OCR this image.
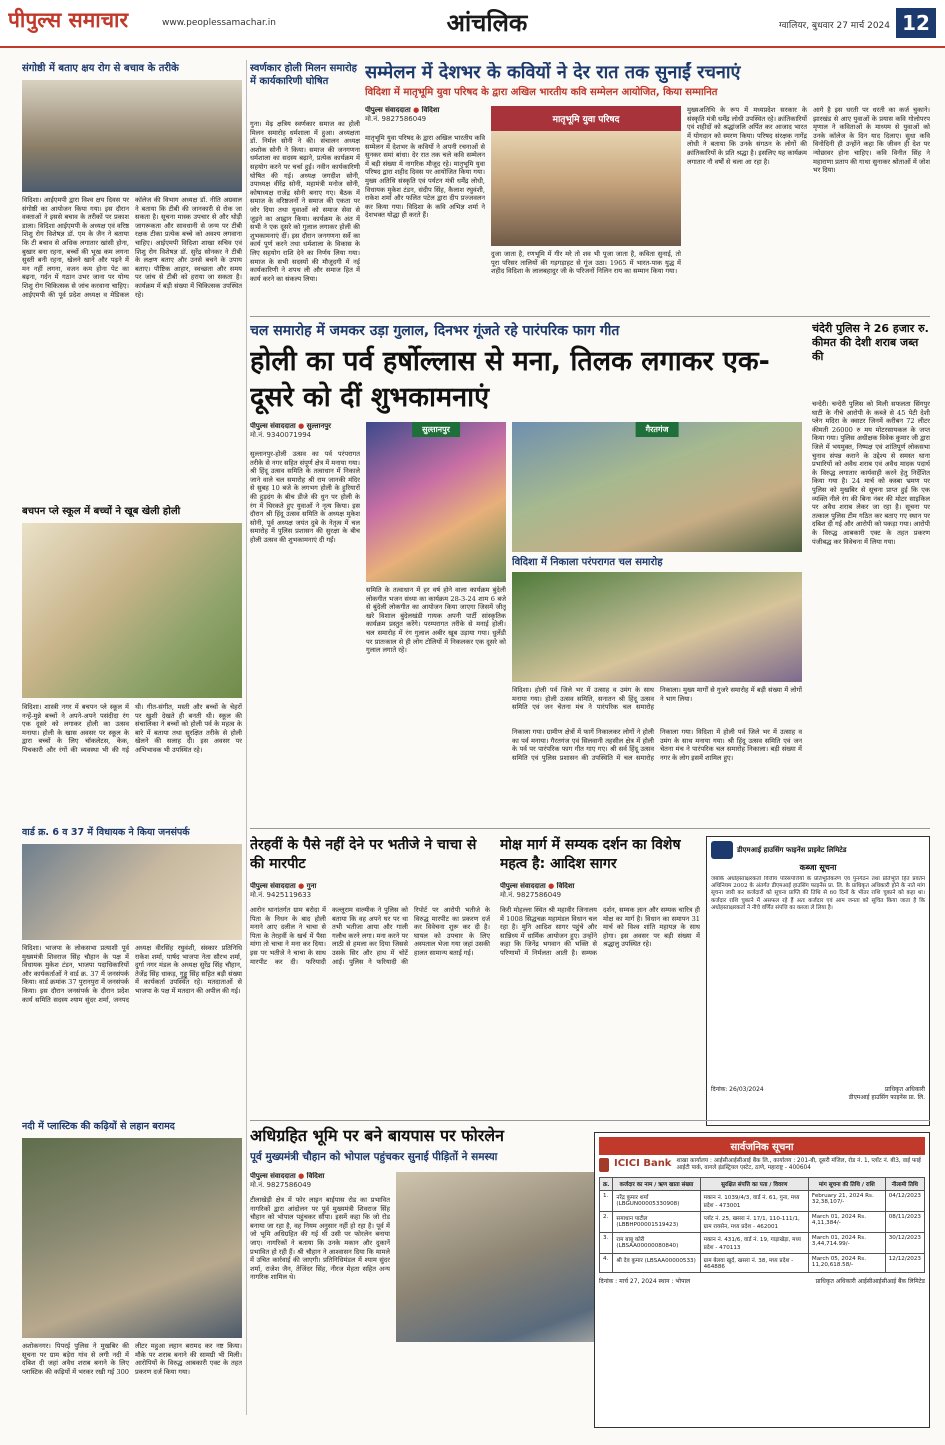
पीपुल्स समाचार	www.peoplessamachar.in	आंचलिक	ग्वालियर, बुधवार 27 मार्च 2024 12
संगोष्ठी में बताए क्षय रोग से बचाव के तरीके
विदिशा। आईएमपी द्वारा विश्व क्षय दिवस पर संगोष्ठी का आयोजन किया गया। इस दौरान वक्ताओं ने इससे बचाव के तरीकों पर प्रकाश डाला। विदिशा आईएमपी के अध्यक्ष एवं वरिष्ठ शिशु रोग विशेषज्ञ डॉ. एम के जैन ने बताया कि टी बचाव से अधिक लगातार खांसी होना, बुखार बना रहना, बच्चों की भूख कम लगना सुस्ती बनी रहना, खेलने खाने और पढ़ने में मन नहीं लगना, वजन कम होना पेट का बढ़ना, गर्दन में गठान उभर जाना पर योग्य शिशु रोग चिकित्सक से जांच करवाना चाहिए। आईएमपी की पूर्व प्रदेश अध्यक्ष व मेडिकल कॉलेज की विभाग अध्यक्ष डॉ. नीति अग्रवाल ने बताया कि टीबी की जानकारी से रोक जा सकता है। सूचना मास्क उपचार से और थोड़ी जागरूकता और सावधानी से जन्म पर टीबी रक्षक टीका प्रत्येक बच्चे को अवश्य लगवाना चाहिए। आईएमपी विदिशा शाखा सचिव एवं शिशु रोग विशेषज्ञ डॉ. सुरेंद्र सोनकर ने टीबी के लक्षण बताए और उनसे बचने के उपाय बताए। पौष्टिक आहार, स्वच्छता और समय पर जांच से टीबी को हराया जा सकता है। कार्यक्रम में बड़ी संख्या में चिकित्सक उपस्थित रहे।
बचपन प्ले स्कूल में बच्चों ने खूब खेली होली
विदिशा। शास्त्री नगर में बचपन प्ले स्कूल में नन्हें-मुन्ने बच्चों ने अपने-अपने पसंदीदा रंग एक दूसरे को लगाकर होली का उत्सव मनाया। होली के खास अवसर पर स्कूल के द्वारा बच्चों के लिए चॉकलेटस, केक, पिचकारी और रंगों की व्यवस्था भी की गई थी। गीत-संगीत, मस्ती और बच्चों के चेहरों पर खुशी देखते ही बनती थी। स्कूल की संचालिका ने बच्चों को होली पर्व के महत्व के बारे में बताया तथा सुरक्षित तरीके से होली खेलने की सलाह दी। इस अवसर पर अभिभावक भी उपस्थित रहे।
वार्ड क्र. 6 व 37 में विधायक ने किया जनसंपर्क
विदिशा। भाजपा के लोकसभा प्रत्याशी पूर्व मुख्यमंत्री शिवराज सिंह चौहान के पक्ष में विधायक मुकेश टंडन, भाजपा पदाधिकारियों और कार्यकर्ताओं ने वार्ड क्र. 37 में जनसंपर्क किया। वार्ड क्रमांक 37 पुरानपुरा में जनसंपर्क किया। इस दौरान जनसंपर्क के दौरान प्रदेश कार्य समिति सदस्य श्याम सुंदर शर्मा, जनपद अध्यक्ष वीरसिंह रघुवंशी, संस्कार प्रतिनिधि राकेश शर्मा, पार्षद भाजपा नेता सौरभ शर्मा, दुर्गा नगर मंडल के अध्यक्ष सुरेंद्र सिंह चौहान, तेजेंद्र सिंह धाकड़, गुड्डू सिंह सहित बड़ी संख्या में कार्यकर्ता उपस्थित रहे। मतदाताओं से भाजपा के पक्ष में मतदान की अपील की गई।
नदी में प्लास्टिक की कढ़ियों से लहान बरामद
अशोकनगर। पिपरई पुलिस ने मुखबिर की सूचना पर ग्राम बड़ेरा गांव से लगी नदी में दबिश दी जहां अवैध शराब बनाने के लिए प्लास्टिक की कढ़ियों में भरकर रखी गई 300 लीटर महुआ लहान बरामद कर नष्ट किया। मौके पर शराब बनाने की सामग्री भी मिली। आरोपियों के विरुद्ध आबकारी एक्ट के तहत प्रकरण दर्ज किया गया।
स्वर्णकार होली मिलन समारोह में कार्यकारिणी घोषित
गुना। मेढ़ क्षत्रिय स्वर्णकार समाज का होली मिलन समारोह धर्मशाला में हुआ। अध्यक्षता डॉ. निर्मल सोनी ने की। संचालन अध्यक्ष अशोक सोनी ने किया। समाज की जनगणना धर्मशाला का सदस्य बढ़ाने, प्रत्येक कार्यक्रम में सहयोग करने पर चर्चा हुई। नवीन कार्यकारिणी घोषित की गई। अध्यक्ष जगदीश सोनी, उपाध्यक्ष वीरेंद्र सोनी, महामंत्री मनोज सोनी, कोषाध्यक्ष राजेंद्र सोनी बनाए गए। बैठक में समाज के वरिष्ठजनों ने समाज की एकता पर जोर दिया तथा युवाओं को समाज सेवा से जुड़ने का आह्वान किया। कार्यक्रम के अंत में सभी ने एक दूसरे को गुलाल लगाकर होली की शुभकामनाएं दीं। इस दौरान जनगणना सर्वे का कार्य पूर्ण करने तथा धर्मशाला के विकास के लिए सहयोग राशि देने का निर्णय लिया गया। समाज के सभी सदस्यों की मौजूदगी में नई कार्यकारिणी ने शपथ ली और समाज हित में कार्य करने का संकल्प लिया।
सम्मेलन में देशभर के कवियों ने देर रात तक सुनाईं रचनाएं
विदिशा में मातृभूमि युवा परिषद के द्वारा अखिल भारतीय कवि सम्मेलन आयोजित, किया सम्मानित
पीपुल्स संवाददाता ● विदिशा
मो.नं. 9827586049
मातृभूमि युवा परिषद के द्वारा अखिल भारतीय कवि सम्मेलन में देशभर के कवियों ने अपनी रचनाओं से सुनकर समां बांधा। देर रात तक चले कवि सम्मेलन में बड़ी संख्या में नागरिक मौजूद रहे। मातृभूमि युवा परिषद द्वारा शहीद दिवस पर आयोजित किया गया। मुख्य अतिथि संस्कृति एवं पर्यटन मंत्री धर्मेंद्र लोधी, विधायक मुकेश टंडन, संदीप सिंह, कैलाश रघुवंशी, राकेश शर्मा और फलित पटेल द्वारा दीप प्रज्जवलन कर किया गया। विदिशा के कवि अभिज्ञ शर्मा ने देशभक्त योद्धा ही करते हैं।
मातृभूमि युवा परिषद
दुजा जाता है, रणभूमि में गीर मरे तो शव भी पूजा जाता है, कविता सुनाई, तो पूरा परिसर तालियों की गड़गड़ाहट से गूंज उठा। 1965 में भारत-पाक युद्ध में शहीद विदिशा के लालबहादुर जी के परिजनों निलिन राय का सम्मान किया गया।
मुख्यअतिथि के रूप में मध्यप्रदेश सरकार के संस्कृति मंत्री धर्मेंद्र लोधी उपस्थित रहे। क्रांतिकारियों एवं शहीदों को श्रद्धांजलि अर्पित कर आजाद भारत में योगदान को स्मरण किया। परिषद संरक्षक नागेंद्र लोधी ने बताया कि उनके संगठन के लोगों की क्रांतिकारियों के प्रति श्रद्धा है। इसलिए यह कार्यक्रम लगातार नौ वर्षों से चला आ रहा है।
आगे है इस धरती पर धरती का कर्ज चुकाने। झारखंड से आए युवाओं के प्रयास कवि गोलोपरप मृणाल ने कविताओं के माध्यम से युवाओं को उनके कॉलेज के दिन याद दिलाए। सुधा कवि विनोदिनी ही उन्होंने कहा कि जीवन ही देश पर न्योछावर होना चाहिए। कवि विनीत सिंह ने महाराणा प्रताप की गाथा सुनाकर श्रोताओं में जोश भर दिया।
चल समारोह में जमकर उड़ा गुलाल, दिनभर गूंजते रहे पारंपरिक फाग गीत
होली का पर्व हर्षोल्लास से मना, तिलक लगाकर एक-दूसरे को दीं शुभकामनाएं
पीपुल्स संवाददाता ● सुल्तानपुर
मो.नं. 9340071994
सुल्तानपुर-होली उत्सव का पर्व परंपरागत तरीके से नगर सहित संपूर्ण क्षेत्र में मनाया गया। श्री हिंदू उत्सव समिति के तत्वाधान में निकाले जाने वाले चल समारोह श्री राम जानकी मंदिर से सुबह 10 बजे के लगभग होली के हुरियारों की हुड़दंग के बीच डीजे की धुन पर होली के रंग में थिरकते हुए युवाओं ने नृत्य किया। इस दौरान श्री हिंदू उत्सव समिति के अध्यक्ष मुकेश सोनी, पूर्व अध्यक्ष जयंत दुबे के नेतृत्व में चल समारोह में पुलिस प्रशासन की सुरक्षा के बीच होली उत्सव की शुभकामनाएं दी गईं।
सुल्तानपुर
समिति के तत्वाधान में हर वर्ष होने वाला कार्यक्रम बुंदेली लोकगीत भजन संध्या का कार्यक्रम 28-3-24 शाम 6 बजे से बुंदेली लोकगीत का आयोजन किया जाएगा जिसमें जीतू खरे विशाल बुंदेलखंडी गायक अपनी पार्टी सांस्कृतिक कार्यक्रम प्रस्तुत करेंगे। परम्परागत तरीके से मनाई होली। चल समारोह में रंग गुलाल अबीर खूब उड़ाया गया। धुलेंडी पर प्रातःकाल से ही लोग टोलियों में निकलकर एक दूसरे को गुलाल लगाते रहे।
गैरतगंज
विदिशा में निकाला परंपरागत चल समारोह
विदिशा। होली पर्व जिले भर में उत्साह व उमंग के साथ मनाया गया। होली उत्सव समिति, सनातन श्री हिंदू उत्सव समिति एवं जन चेतना मंच ने पारंपरिक चल समारोह निकाला। मुख्य मार्गों से गुजरे समारोह में बड़ी संख्या में लोगों ने भाग लिया।
निकाला गया। ग्रामीण क्षेत्रों में फागें निकालकर लोगों ने होली का पर्व मनाया। गैरतगंज एवं सिलवानी तहसील क्षेत्र में होली के पर्व पर पारंपरिक फाग गीत गाए गए। श्री सर्व हिंदू उत्सव समिति एवं पुलिस प्रशासन की उपस्थिति में चल समारोह निकाला गया। विदिशा में होली पर्व जिले भर में उत्साह व उमंग के साथ मनाया गया। श्री हिंदू उत्सव समिति एवं जन चेतना मंच ने पारंपरिक चल समारोह निकाला। बड़ी संख्या में नगर के लोग इसमें शामिल हुए।
चंदेरी पुलिस ने 26 हजार रु. कीमत की देशी शराब जब्त की
चन्देरी। चन्देरी पुलिस को मिली सफलता सिंगपुर घाटी के नीचे आरोपी के कब्जे से 45 पेटी देशी प्लेन मदिरा के क्वाटर जिनमें करीबन 72 लीटर कीमती 26000 रु मय मोटरसायकल के जप्त किया गया। पुलिस अधीक्षक विवेक कुमार जी द्वारा जिले में भयमुक्त, निष्पक्ष एवं शांतिपूर्ण लोकसभा चुनाव संपन्न कराने के उद्देश्य से समस्त थाना प्रभारियों को अवैध शराब एवं अवैध मादक पदार्थ के विरुद्ध लगातार कार्यवाही करने हेतु निर्देशित किया गया है। 24 मार्च को कस्बा भ्रमण पर पुलिस को मुखबिर से सूचना प्राप्त हुई कि एक व्यक्ति नीले रंग की बिना नंबर की मोटर साइकिल पर अवैध शराब लेकर जा रहा है। सूचना पर तत्काल पुलिस टीम गठित कर बताए गए स्थान पर दबिश दी गई और आरोपी को पकड़ा गया। आरोपी के विरुद्ध आबकारी एक्ट के तहत प्रकरण पंजीबद्ध कर विवेचना में लिया गया।
तेरहवीं के पैसे नहीं देने पर भतीजे ने चाचा से की मारपीट
पीपुल्स संवाददाता ● गुना
मो.नं. 9425119633
आरोन थानांतर्गत ग्राम बरोदा में पिता के निधन के बाद होली मनाने आए दलील ने चाचा से पिता के तेरहवीं के खर्च में पैसा मांगा तो चाचा ने मना कर दिया। इस पर भतीजे ने चाचा के साथ मारपीट कर दी। फरियादी कल्लूराम वाल्मीक ने पुलिस को बताया कि वह अपने घर पर था तभी भतीजा आया और गाली गलौच करने लगा। मना करने पर लाठी से हमला कर दिया जिससे उसके सिर और हाथ में चोटें आईं। पुलिस ने फरियादी की रिपोर्ट पर आरोपी भतीजे के विरुद्ध मारपीट का प्रकरण दर्ज कर विवेचना शुरू कर दी है। घायल को उपचार के लिए अस्पताल भेजा गया जहां उसकी हालत सामान्य बताई गई।
मोक्ष मार्ग में सम्यक दर्शन का विशेष महत्व है: आदिश सागर
पीपुल्स संवाददाता ● विदिशा
मो.नं. 9827586049
किरी मोहल्ला स्थित श्री महावीर जिनालय में 1008 सिद्धचक्र महामंडल विधान चल रहा है। मुनि आदिश सागर पहुंचे और सान्निध्य में धार्मिक आयोजन हुए। उन्होंने कहा कि जिनेंद्र भगवान की भक्ति से परिणामों में निर्मलता आती है। सम्यक दर्शन, सम्यक ज्ञान और सम्यक चारित्र ही मोक्ष का मार्ग है। विधान का समापन 31 मार्च को विश्व शांति महायज्ञ के साथ होगा। इस अवसर पर बड़ी संख्या में श्रद्धालु उपस्थित रहे।
डीएमआई हाउसिंग फाइनेंस प्राइवेट लिमिटेड
कब्जा सूचना
जबकि अधोहस्ताक्षरकर्ता वित्तीय परिसंपत्तियों के प्रतिभूतिकरण एवं पुनर्गठन तथा प्रतिभूति हित प्रवर्तन अधिनियम 2002 के अंतर्गत डीएमआई हाउसिंग फाइनेंस प्रा. लि. के प्राधिकृत अधिकारी होने के नाते मांग सूचना जारी कर कर्जदारों को सूचना प्राप्ति की तिथि से 60 दिनों के भीतर राशि चुकाने को कहा था। कर्जदार राशि चुकाने में असफल रहे हैं अतः कर्जदार एवं आम जनता को सूचित किया जाता है कि अधोहस्ताक्षरकर्ता ने नीचे वर्णित संपत्ति का कब्जा ले लिया है।
दिनांक: 26/03/2024	प्राधिकृत अधिकारी
डीएमआई हाउसिंग फाइनेंस प्रा. लि.
अधिग्रहित भूमि पर बने बायपास पर फोरलेन
पूर्व मुख्यमंत्री चौहान को भोपाल पहुंचकर सुनाई पीड़ितों ने समस्या
पीपुल्स संवाददाता ● विदिशा
मो.नं. 9827586049
टीलाखेड़ी क्षेत्र में फोर लाइन बाईपास रोड का प्रभावित नागरिकों द्वारा आंदोलन पर पूर्व मुख्यमंत्री शिवराज सिंह चौहान को भोपाल पहुंचकर सौंपा। इसमें कहा कि जो रोड बनाया जा रहा है, वह नियम अनुसार नहीं हो रहा है। पूर्व में जो भूमि अधिग्रहित की गई थी उसी पर फोरलेन बनाया जाए। नागरिकों ने बताया कि उनके मकान और दुकानें प्रभावित हो रही हैं। श्री चौहान ने आश्वासन दिया कि मामले में उचित कार्रवाई की जाएगी। प्रतिनिधिमंडल में श्याम सुंदर शर्मा, राजेश जैन, तेजिंदर सिंह, नीरज मेहता सहित अन्य नागरिक शामिल थे।
सार्वजनिक सूचना
ICICI Bank शाखा कार्यालय : आईसीआईसीआई बैंक लि., कार्यालय : 201-बी, दूसरी मंजिल, रोड नं. 1, प्लॉट नं. बी3, वाई फाई आईटी पार्क, वागले इंडस्ट्रियल एस्टेट, ठाणे, महाराष्ट्र - 400604
क्र.	कर्जदार का नाम / ऋण खाता संख्या	सुरक्षित संपत्ति का पता / विवरण	मांग सूचना की तिथि / राशि	नीलामी तिथि
1.	नरेंद्र कुमार शर्मा (LBGUN00005330908)	मकान नं. 1039/4/3, वार्ड नं. 61, गुना, मध्य प्रदेश - 473001	February 21, 2024 Rs. 32,38,107/-	04/12/2023
2.	समाधान पाटील (LBBHP00001519423)	प्लॉट नं. 25, खसरा नं. 17/1, 110-111/1, ग्राम रायसेन, मध्य प्रदेश - 462001	March 01, 2024 Rs. 4,11,384/-	08/11/2023
3.	राम बाबू कोरी (LBSAA00000080840)	मकान नं. 431/6, वार्ड नं. 19, गाड़ाखेड़ा, मध्य प्रदेश - 470113	March 01, 2024 Rs. 3,44,714.99/-	30/12/2023
4.	श्री देव कुमार (LBSAA00000533)	ग्राम बेलवा खुर्द, खसरा नं. 38, मध्य प्रदेश - 464886	March 05, 2024 Rs. 11,20,618.58/-	12/12/2023
दिनांक : मार्च 27, 2024 स्थान : भोपाल	प्राधिकृत अधिकारी आईसीआईसीआई बैंक लिमिटेड
